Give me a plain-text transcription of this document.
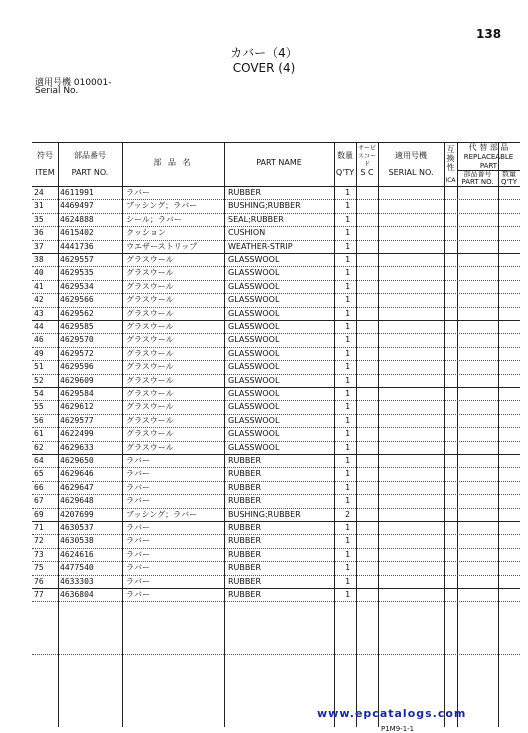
138
カバー（4）
COVER (4)
適用号機 010001-
Serial No.
符号
ITEM
部品番号
PART NO.
部 品 名	PART NAME
数量
Q'TY
サービ スコード
S C
適用号機
SERIAL NO.
互換性
ICA
代 替 部 品
REPLACEABLE
PART
部品番号
PART NO.
数量
Q'TY
24	4611991	ラバー	RUBBER	1
31	4469497	ブッシング；ラバー	BUSHING;RUBBER	1
35	4624888	シール；ラバー	SEAL;RUBBER	1
36	4615402	クッション	CUSHION	1
37	4441736	ウエザーストリップ	WEATHER-STRIP	1
38	4629557	グラスウール	GLASSWOOL	1
40	4629535	グラスウール	GLASSWOOL	1
41	4629534	グラスウール	GLASSWOOL	1
42	4629566	グラスウール	GLASSWOOL	1
43	4629562	グラスウール	GLASSWOOL	1
44	4629585	グラスウール	GLASSWOOL	1
46	4629570	グラスウール	GLASSWOOL	1
49	4629572	グラスウール	GLASSWOOL	1
51	4629596	グラスウール	GLASSWOOL	1
52	4629609	グラスウール	GLASSWOOL	1
54	4629584	グラスウール	GLASSWOOL	1
55	4629612	グラスウール	GLASSWOOL	1
56	4629577	グラスウール	GLASSWOOL	1
61	4622499	グラスウール	GLASSWOOL	1
62	4629633	グラスウール	GLASSWOOL	1
64	4629650	ラバー	RUBBER	1
65	4629646	ラバー	RUBBER	1
66	4629647	ラバー	RUBBER	1
67	4629648	ラバー	RUBBER	1
69	4207699	ブッシング；ラバー	BUSHING;RUBBER	2
71	4630537	ラバー	RUBBER	1
72	4630538	ラバー	RUBBER	1
73	4624616	ラバー	RUBBER	1
75	4477540	ラバー	RUBBER	1
76	4633303	ラバー	RUBBER	1
77	4636804	ラバー	RUBBER	1
www.epcatalogs.com
P1M9-1-1
